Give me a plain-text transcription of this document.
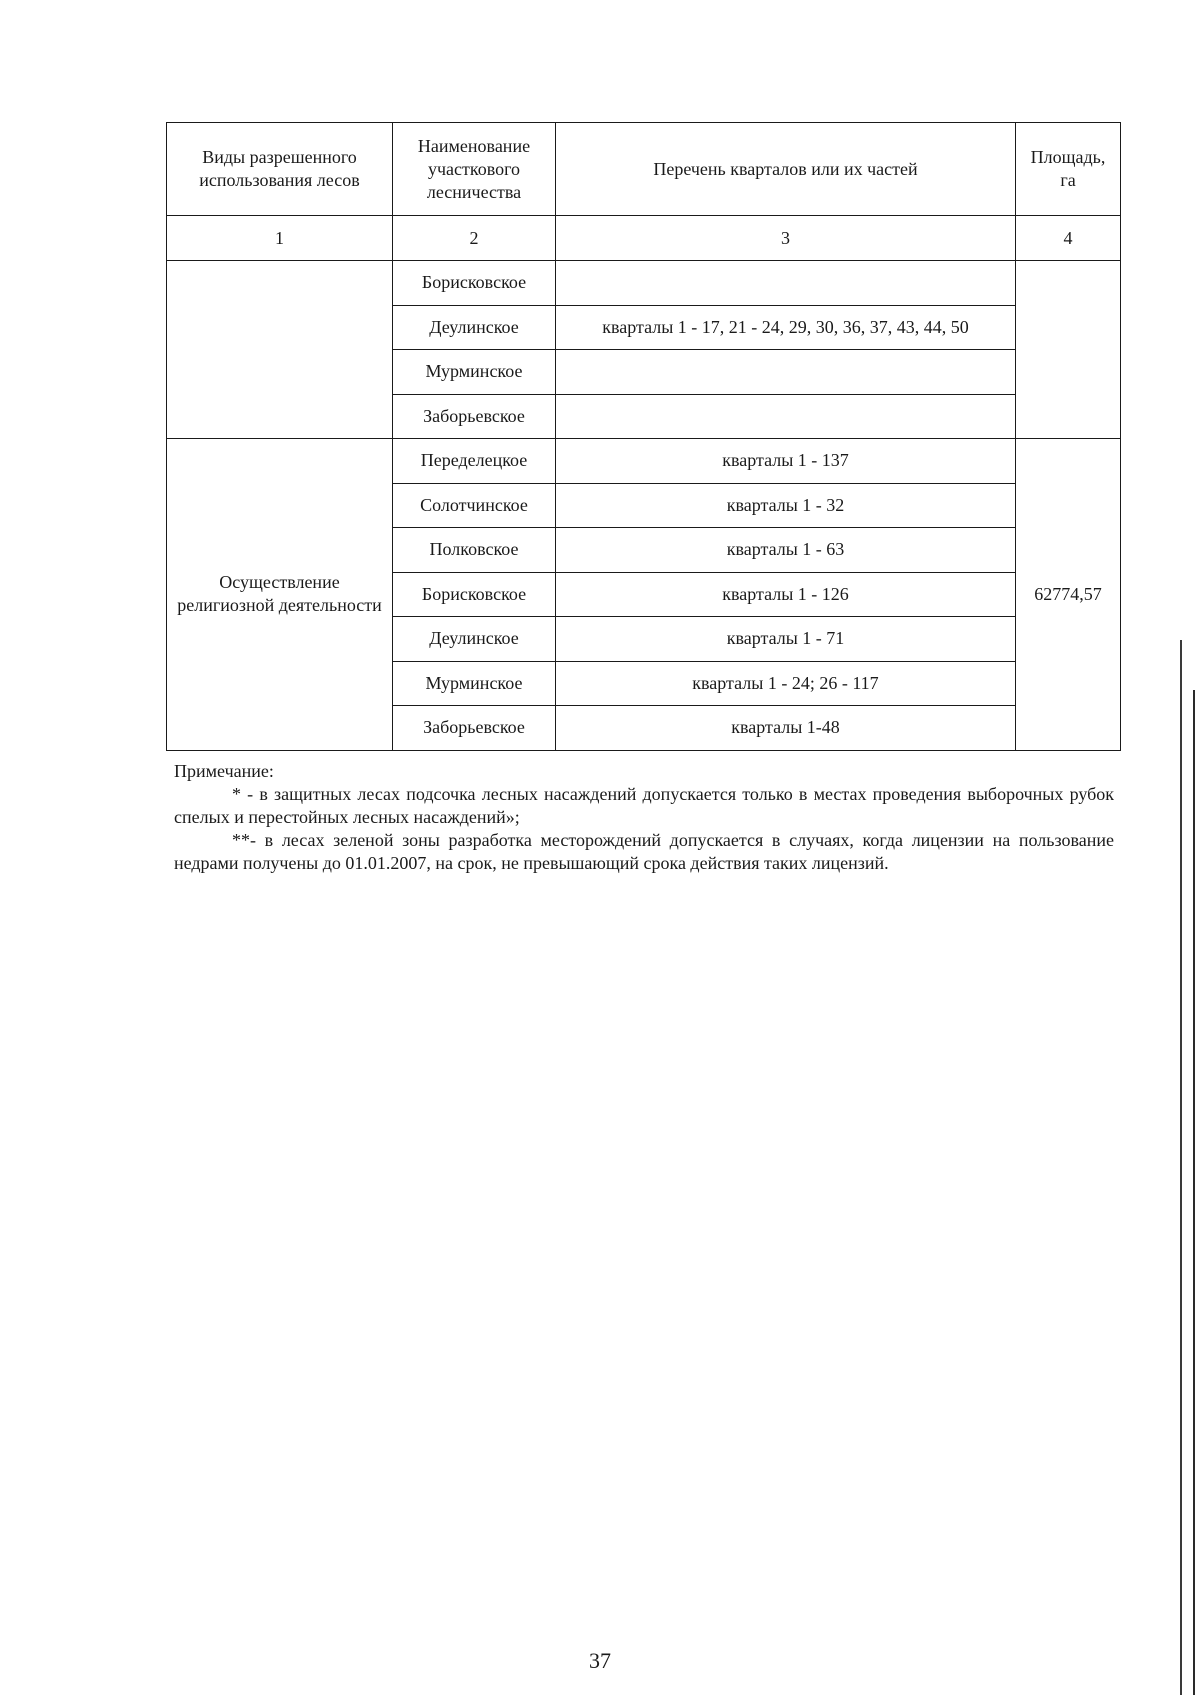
Виды разрешенного использования лесов	Наименование участкового лесничества	Перечень кварталов или их частей	Площадь, га
1	2	3	4
	Борисковское		
	Деулинское	кварталы 1 - 17, 21 - 24, 29, 30, 36, 37, 43, 44, 50	
	Мурминское		
	Заборьевское		
Осуществление религиозной деятельности	Переделецкое	кварталы 1 - 137	62774,57
	Солотчинское	кварталы 1 - 32	
	Полковское	кварталы 1 - 63	
	Борисковское	кварталы 1 - 126	
	Деулинское	кварталы 1 - 71	
	Мурминское	кварталы 1 - 24; 26 - 117	
	Заборьевское	кварталы 1-48	

Примечание:

* - в защитных лесах подсочка лесных насаждений допускается только в местах проведения выборочных рубок спелых и перестойных лесных насаждений»;

**- в лесах зеленой зоны разработка месторождений допускается в случаях, когда лицензии на пользование недрами получены до 01.01.2007, на срок, не превышающий срока действия таких лицензий.

37
